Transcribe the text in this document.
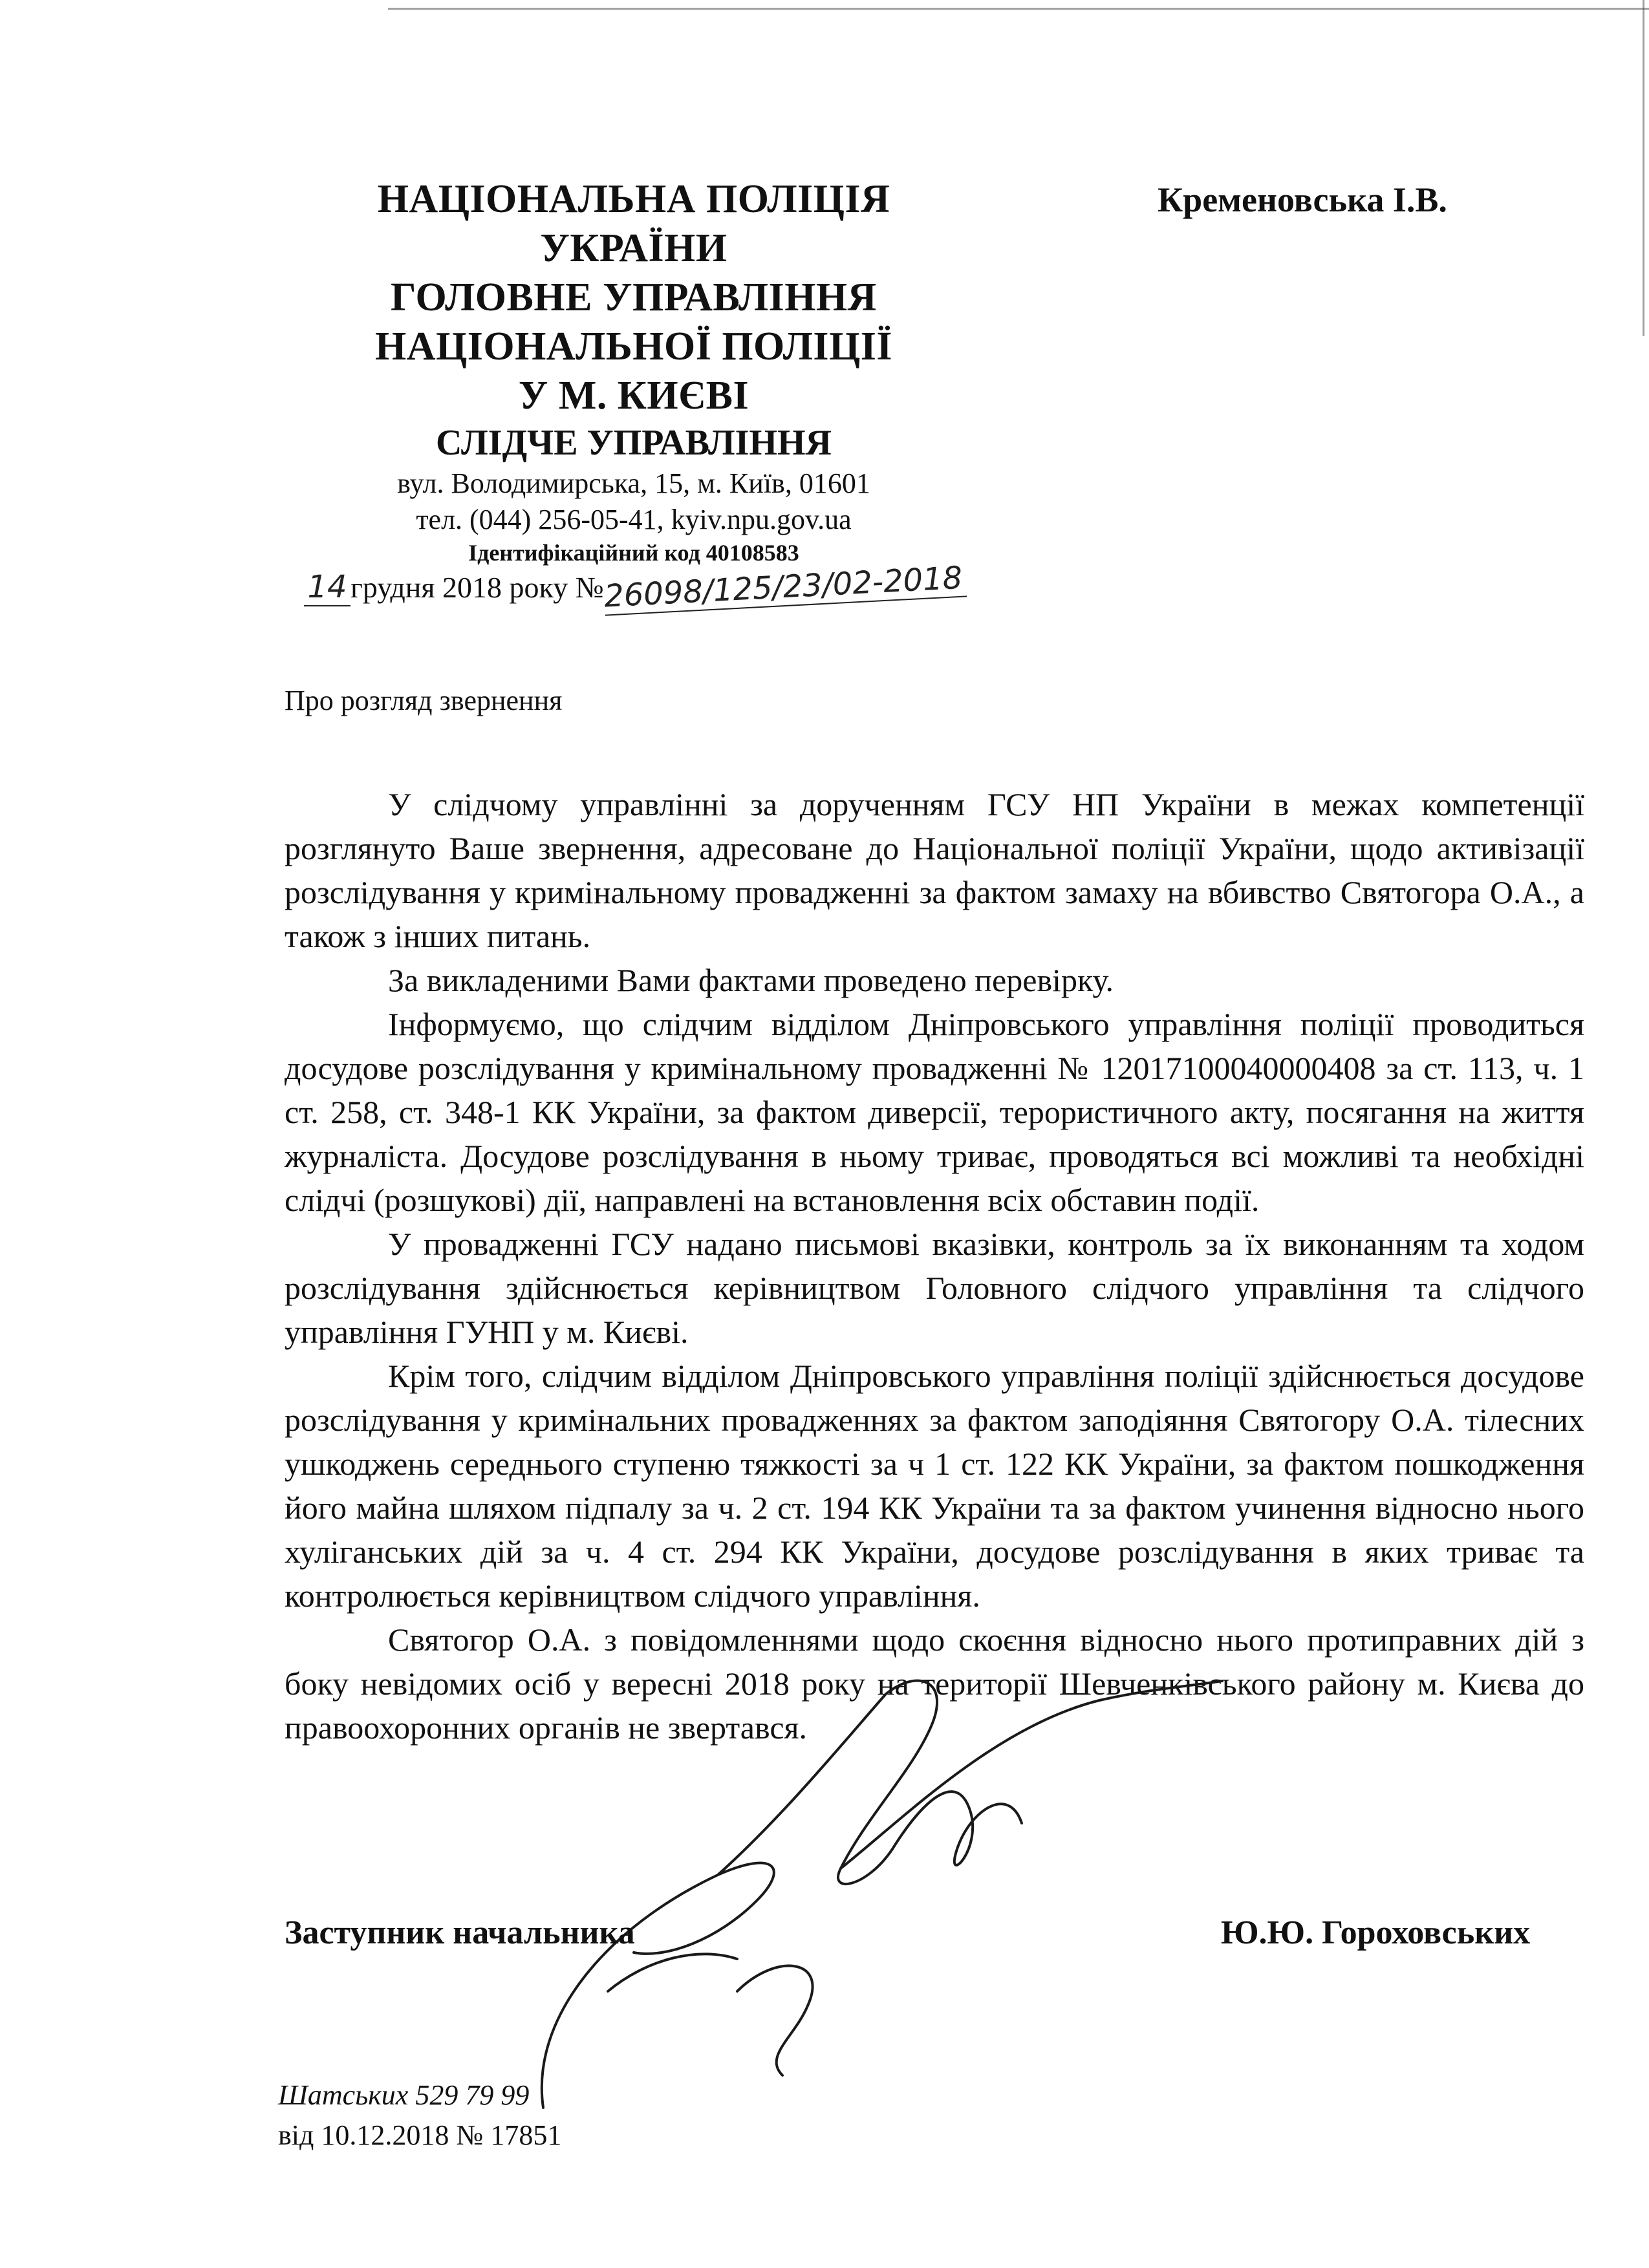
НАЦІОНАЛЬНА ПОЛІЦІЯ
УКРАЇНИ
ГОЛОВНЕ УПРАВЛІННЯ
НАЦІОНАЛЬНОЇ ПОЛІЦІЇ
У М. КИЄВІ
СЛІДЧЕ УПРАВЛІННЯ
вул. Володимирська, 15, м. Київ, 01601
тел. (044) 256-05-41, kyiv.npu.gov.ua
Ідентифікаційний код 40108583
Кременовська І.В.
14 грудня 2018 року №26098/125/23/02-2018
Про розгляд звернення

У слідчому управлінні за дорученням ГСУ НП України в межах компетенції розглянуто Ваше звернення, адресоване до Національної поліції України, щодо активізації розслідування у кримінальному провадженні за фактом замаху на вбивство Святогора О.А., а також з інших питань.

За викладеними Вами фактами проведено перевірку.

Інформуємо, що слідчим відділом Дніпровського управління поліції проводиться досудове розслідування у кримінальному провадженні № 12017100040000408 за ст. 113, ч. 1 ст. 258, ст. 348-1 КК України, за фактом диверсії, терористичного акту, посягання на життя журналіста. Досудове розслідування в ньому триває, проводяться всі можливі та необхідні слідчі (розшукові) дії, направлені на встановлення всіх обставин події.

У провадженні ГСУ надано письмові вказівки, контроль за їх виконанням та ходом розслідування здійснюється керівництвом Головного слідчого управління та слідчого управління ГУНП у м. Києві.

Крім того, слідчим відділом Дніпровського управління поліції здійснюється досудове розслідування у кримінальних провадженнях за фактом заподіяння Святогору О.А. тілесних ушкоджень середнього ступеню тяжкості за ч 1 ст. 122 КК України, за фактом пошкодження його майна шляхом підпалу за ч. 2 ст. 194 КК України та за фактом учинення відносно нього хуліганських дій за ч. 4 ст. 294 КК України, досудове розслідування в яких триває та контролюється керівництвом слідчого управління.

Святогор О.А. з повідомленнями щодо скоєння відносно нього протиправних дій з боку невідомих осіб у вересні 2018 року на території Шевченківського району м. Києва до правоохоронних органів не звертався.

Заступник начальника	Ю.Ю. Гороховських
Шатських 529 79 99
від 10.12.2018 № 17851
